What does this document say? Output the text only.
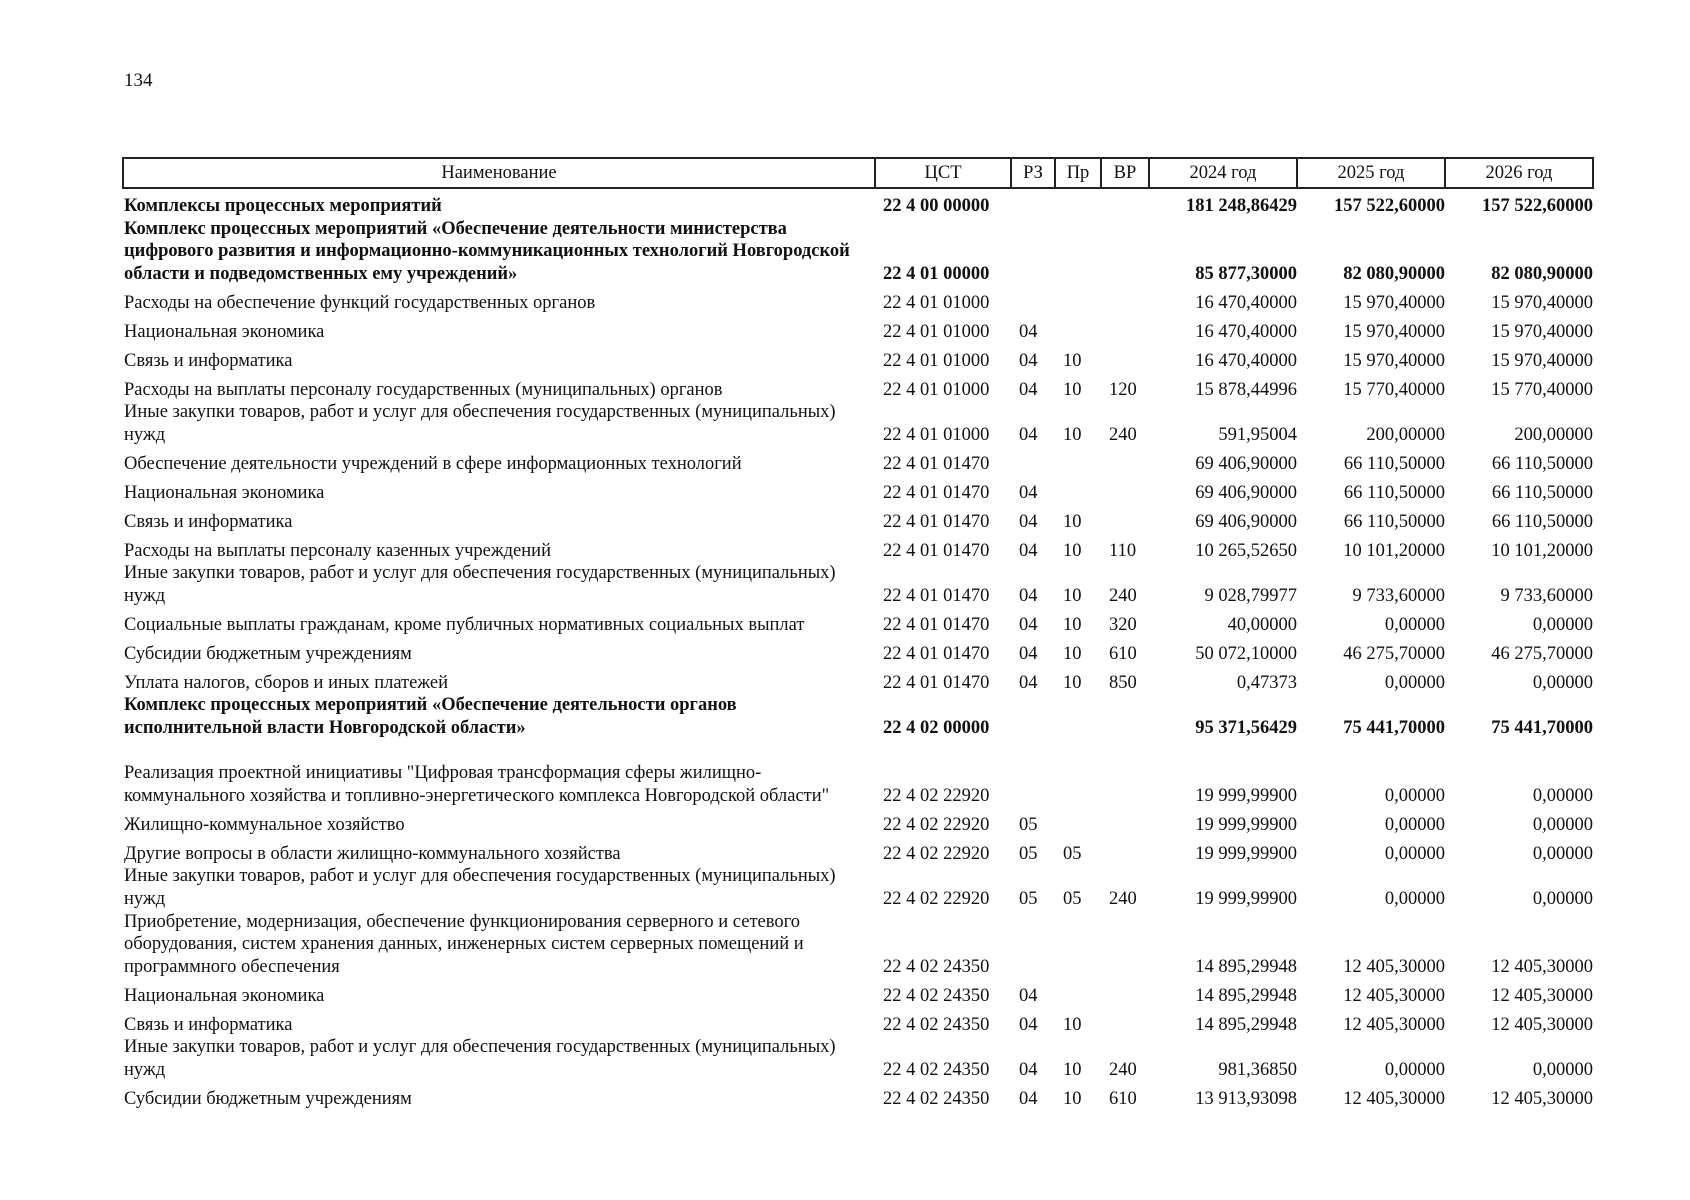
134
Наименование	ЦСТ	РЗ	Пр	ВР	2024 год	2025 год	2026 год
Комплексы процессных мероприятий	22 4 00 00000				181 248,86429	157 522,60000	157 522,60000
Комплекс процессных мероприятий «Обеспечение деятельности министерства цифрового развития и информационно-коммуникационных технологий Новгородской области и подведомственных ему учреждений»	22 4 01 00000				85 877,30000	82 080,90000	82 080,90000
Расходы на обеспечение функций государственных органов	22 4 01 01000				16 470,40000	15 970,40000	15 970,40000
Национальная экономика	22 4 01 01000	04			16 470,40000	15 970,40000	15 970,40000
Связь и информатика	22 4 01 01000	04	10		16 470,40000	15 970,40000	15 970,40000
Расходы на выплаты персоналу государственных (муниципальных) органов	22 4 01 01000	04	10	120	15 878,44996	15 770,40000	15 770,40000
Иные закупки товаров, работ и услуг для обеспечения государственных (муниципальных) нужд	22 4 01 01000	04	10	240	591,95004	200,00000	200,00000
Обеспечение деятельности учреждений в сфере информационных технологий	22 4 01 01470				69 406,90000	66 110,50000	66 110,50000
Национальная экономика	22 4 01 01470	04			69 406,90000	66 110,50000	66 110,50000
Связь и информатика	22 4 01 01470	04	10		69 406,90000	66 110,50000	66 110,50000
Расходы на выплаты персоналу казенных учреждений	22 4 01 01470	04	10	110	10 265,52650	10 101,20000	10 101,20000
Иные закупки товаров, работ и услуг для обеспечения государственных (муниципальных) нужд	22 4 01 01470	04	10	240	9 028,79977	9 733,60000	9 733,60000
Социальные выплаты гражданам, кроме публичных нормативных социальных выплат	22 4 01 01470	04	10	320	40,00000	0,00000	0,00000
Субсидии бюджетным учреждениям	22 4 01 01470	04	10	610	50 072,10000	46 275,70000	46 275,70000
Уплата налогов, сборов и иных платежей	22 4 01 01470	04	10	850	0,47373	0,00000	0,00000
Комплекс процессных мероприятий «Обеспечение деятельности органов исполнительной власти Новгородской области»	22 4 02 00000				95 371,56429	75 441,70000	75 441,70000
Реализация проектной инициативы "Цифровая трансформация сферы жилищно-коммунального хозяйства и топливно-энергетического комплекса Новгородской области"	22 4 02 22920				19 999,99900	0,00000	0,00000
Жилищно-коммунальное хозяйство	22 4 02 22920	05			19 999,99900	0,00000	0,00000
Другие вопросы в области жилищно-коммунального хозяйства	22 4 02 22920	05	05		19 999,99900	0,00000	0,00000
Иные закупки товаров, работ и услуг для обеспечения государственных (муниципальных) нужд	22 4 02 22920	05	05	240	19 999,99900	0,00000	0,00000
Приобретение, модернизация, обеспечение функционирования серверного и сетевого оборудования, систем хранения данных, инженерных систем серверных помещений и программного обеспечения	22 4 02 24350				14 895,29948	12 405,30000	12 405,30000
Национальная экономика	22 4 02 24350	04			14 895,29948	12 405,30000	12 405,30000
Связь и информатика	22 4 02 24350	04	10		14 895,29948	12 405,30000	12 405,30000
Иные закупки товаров, работ и услуг для обеспечения государственных (муниципальных) нужд	22 4 02 24350	04	10	240	981,36850	0,00000	0,00000
Субсидии бюджетным учреждениям	22 4 02 24350	04	10	610	13 913,93098	12 405,30000	12 405,30000
